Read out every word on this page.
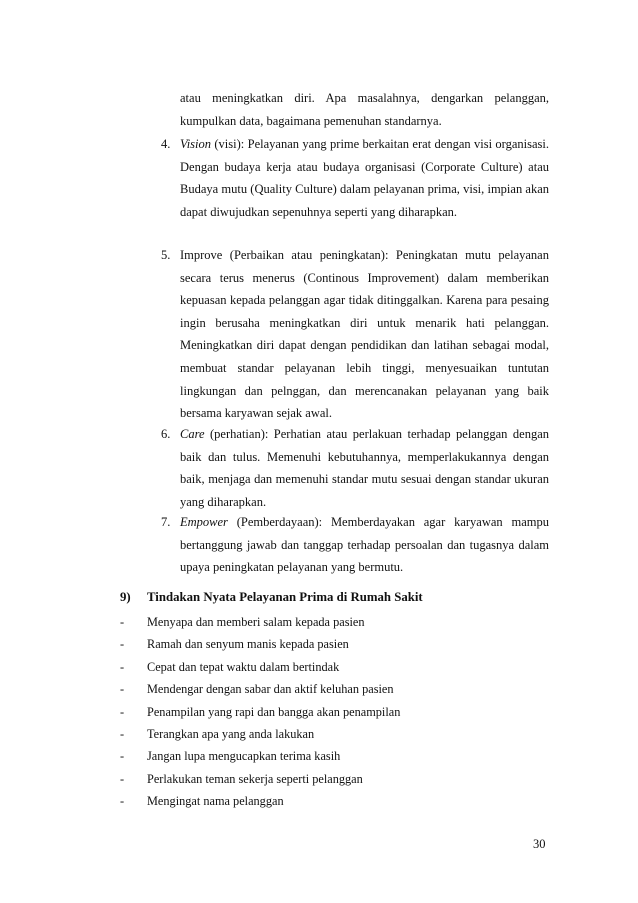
atau meningkatkan diri. Apa masalahnya, dengarkan pelanggan, kumpulkan data, bagaimana pemenuhan standarnya.
4. Vision (visi): Pelayanan yang prime berkaitan erat dengan visi organisasi. Dengan budaya kerja atau budaya organisasi (Corporate Culture) atau Budaya mutu (Quality Culture) dalam pelayanan prima, visi, impian akan dapat diwujudkan sepenuhnya seperti yang diharapkan.
5. Improve (Perbaikan atau peningkatan): Peningkatan mutu pelayanan secara terus menerus (Continous Improvement) dalam memberikan kepuasan kepada pelanggan agar tidak ditinggalkan. Karena para pesaing ingin berusaha meningkatkan diri untuk menarik hati pelanggan. Meningkatkan diri dapat dengan pendidikan dan latihan sebagai modal, membuat standar pelayanan lebih tinggi, menyesuaikan tuntutan lingkungan dan pelnggan, dan merencanakan pelayanan yang baik bersama karyawan sejak awal.
6. Care (perhatian): Perhatian atau perlakuan terhadap pelanggan dengan baik dan tulus. Memenuhi kebutuhannya, memperlakukannya dengan baik, menjaga dan memenuhi standar mutu sesuai dengan standar ukuran yang diharapkan.
7. Empower (Pemberdayaan): Memberdayakan agar karyawan mampu bertanggung jawab dan tanggap terhadap persoalan dan tugasnya dalam upaya peningkatan pelayanan yang bermutu.
9) Tindakan Nyata Pelayanan Prima di Rumah Sakit
- Menyapa dan memberi salam kepada pasien
- Ramah dan senyum manis kepada pasien
- Cepat dan tepat waktu dalam bertindak
- Mendengar dengan sabar dan aktif keluhan pasien
- Penampilan yang rapi dan bangga akan penampilan
- Terangkan apa yang anda lakukan
- Jangan lupa mengucapkan terima kasih
- Perlakukan teman sekerja seperti pelanggan
- Mengingat nama pelanggan
30
